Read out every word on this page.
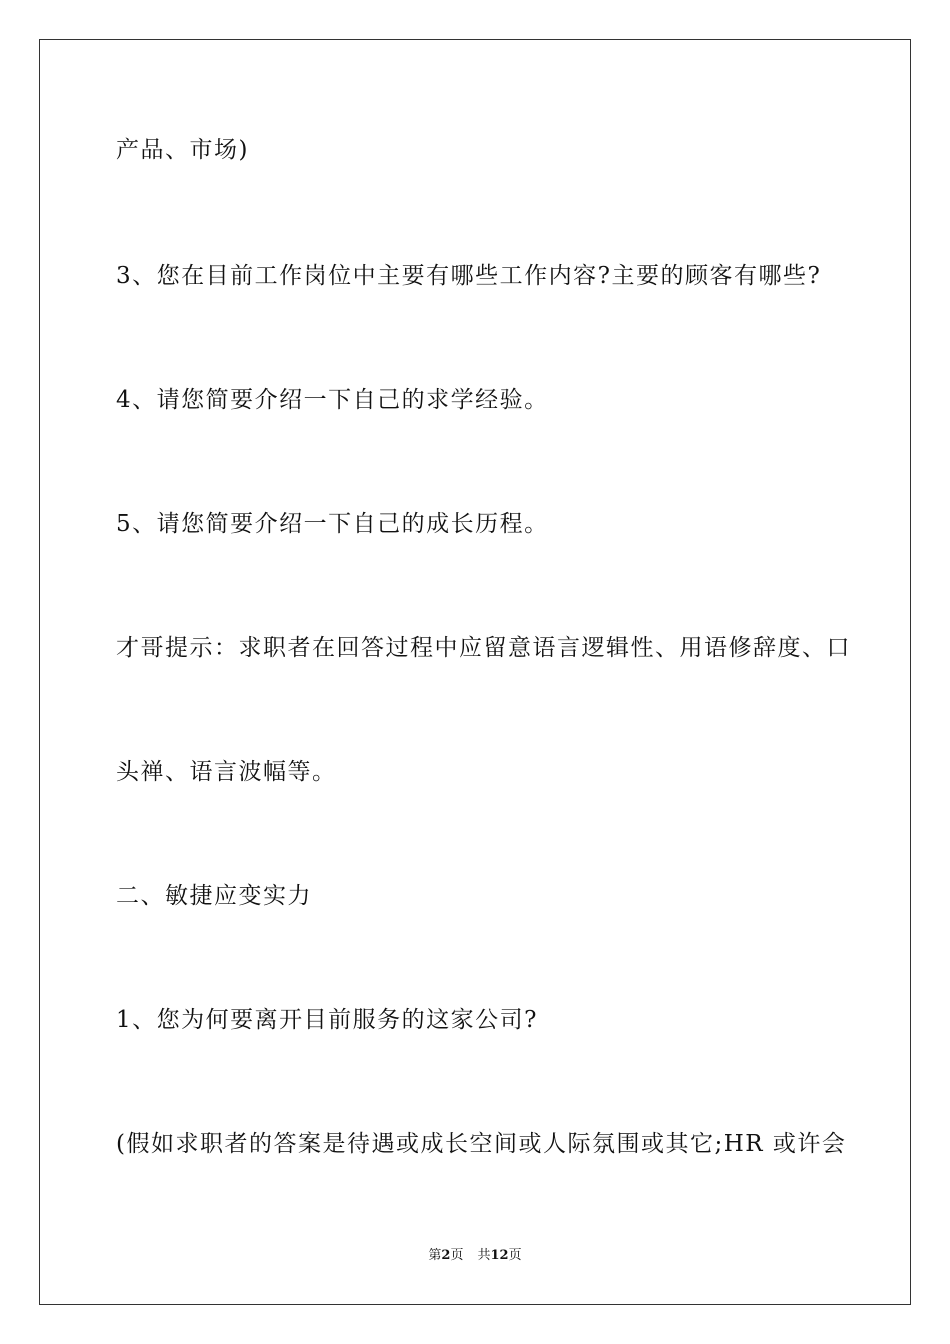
产品、市场)
3、您在目前工作岗位中主要有哪些工作内容?主要的顾客有哪些?
4、请您简要介绍一下自己的求学经验。
5、请您简要介绍一下自己的成长历程。
才哥提示：求职者在回答过程中应留意语言逻辑性、用语修辞度、口
头禅、语言波幅等。
二、敏捷应变实力
1、您为何要离开目前服务的这家公司?
(假如求职者的答案是待遇或成长空间或人际氛围或其它;HR 或许会
第2页 共12页
